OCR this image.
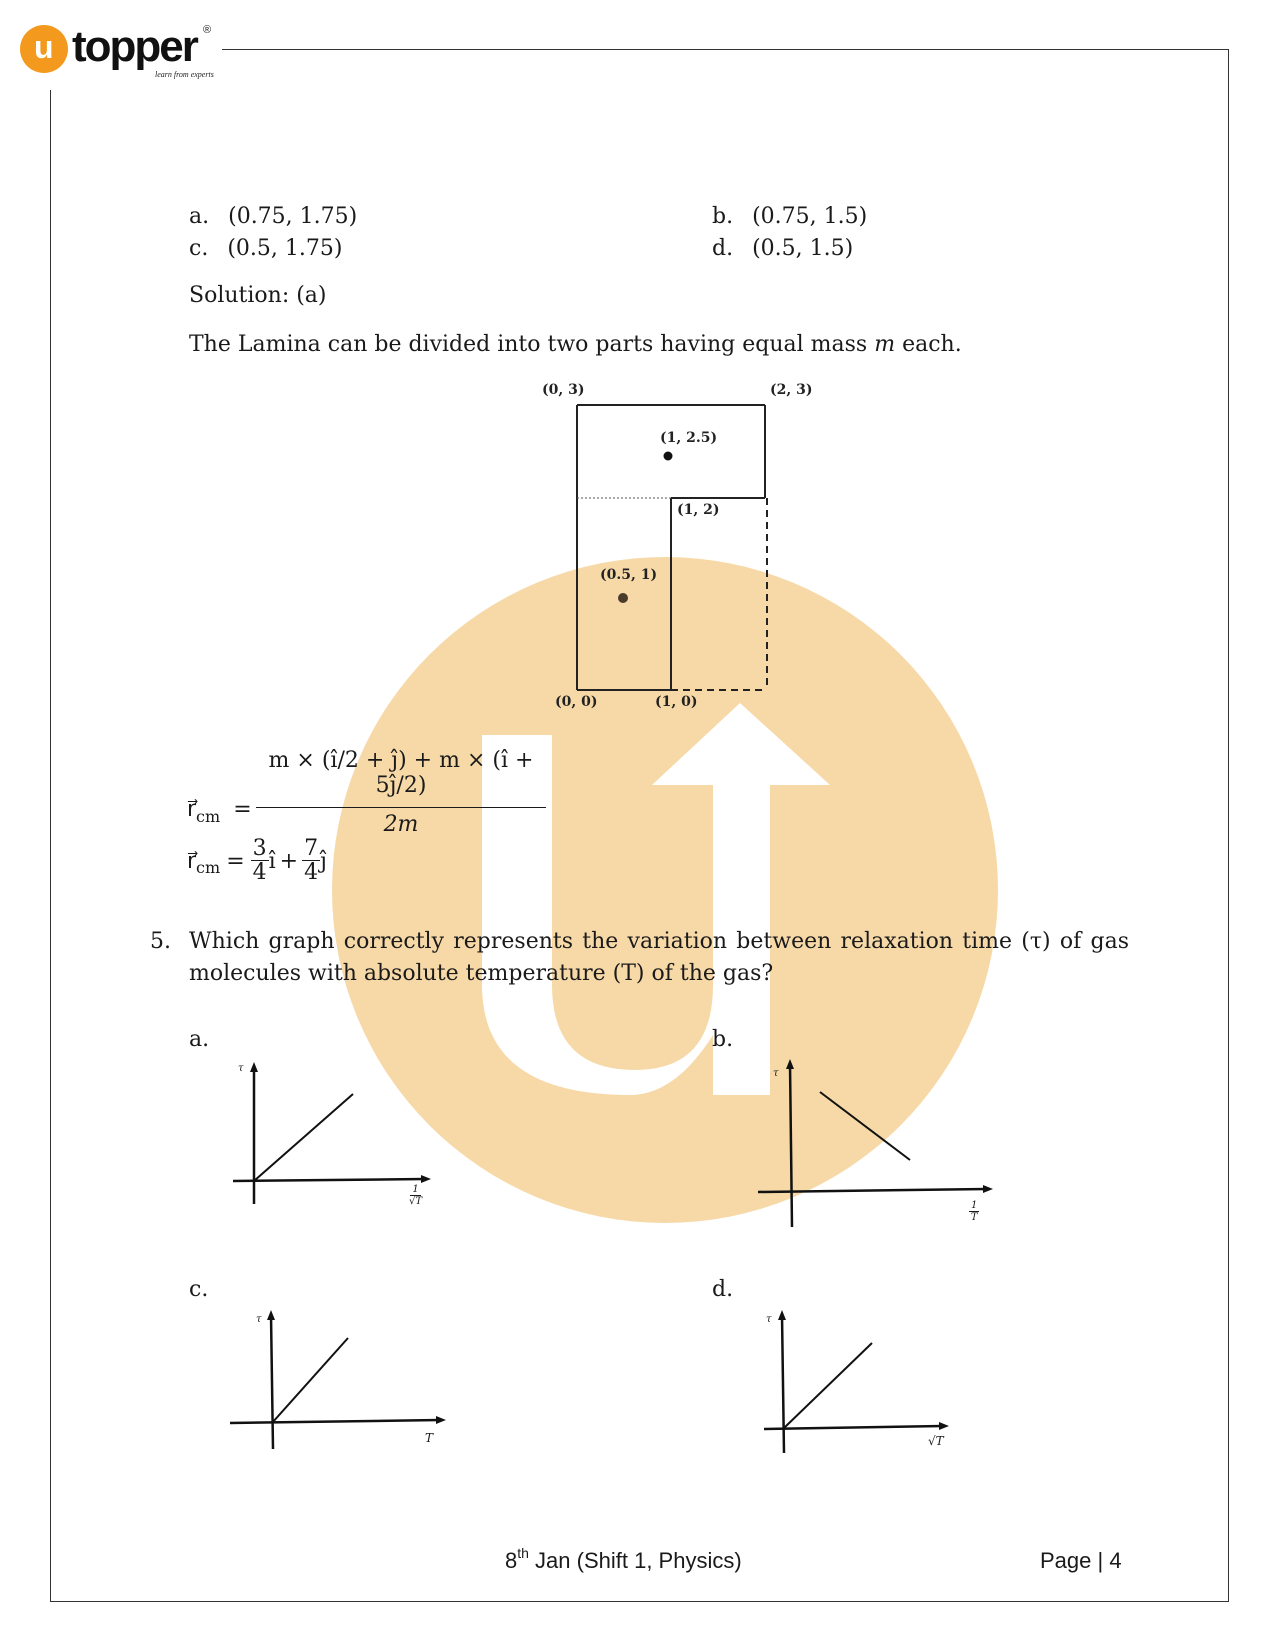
u topper ®
learn from experts
a. (0.75, 1.75)	b. (0.75, 1.5)
c. (0.5, 1.75)	d. (0.5, 1.5)
Solution: (a)
The Lamina can be divided into two parts having equal mass m each.
(0, 3)	(2, 3)
(1, 2.5)
(1, 2)
(0.5, 1)
(0, 0)	(1, 0)
$r⃗_{cm}$ =
m × (î/2 + ĵ) + m × (î + 5ĵ/2)
2m
r⃗ cm = $\frac{3}{4}$ î + $\frac{7}{4}$ ĵ
5. Which graph correctly represents the variation between relaxation time (τ) of gas
molecules with absolute temperature (T) of the gas?
a.	b.
c.	d.
τ
$\frac{1}{√T}$
τ
$\frac{1}{T}$
τ
T
τ
√T
8th Jan (Shift 1, Physics)	Page | 4
